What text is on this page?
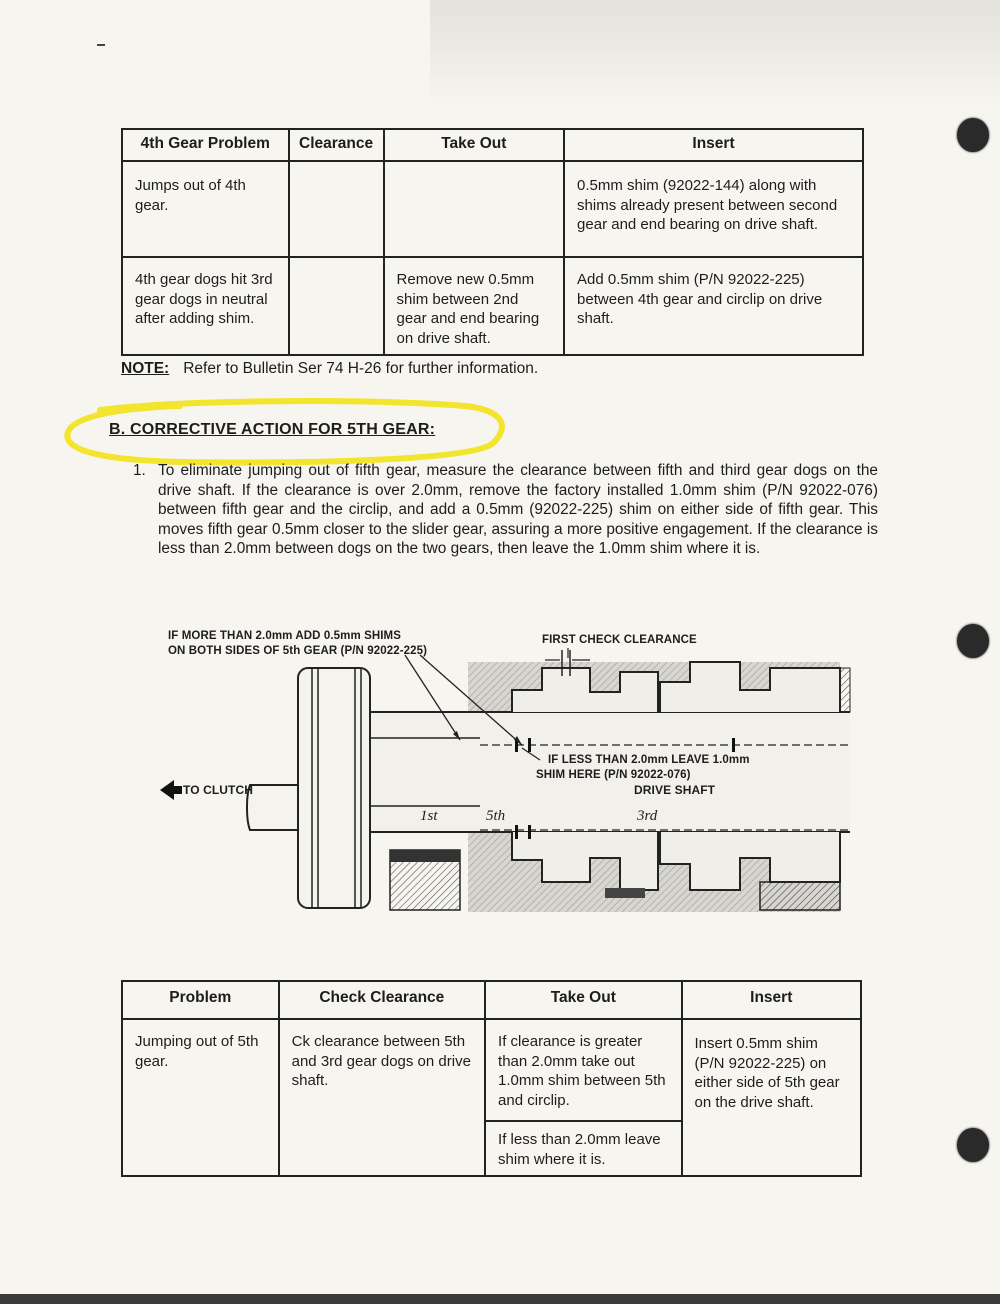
4th Gear Problem	Clearance	Take Out	Insert
Jumps out of 4th gear.			0.5mm shim (92022-144) along with shims already present between second gear and end bearing on drive shaft.
4th gear dogs hit 3rd gear dogs in neutral after adding shim.		Remove new 0.5mm shim between 2nd gear and end bearing on drive shaft.	Add 0.5mm shim (P/N 92022-225) between 4th gear and circlip on drive shaft.
NOTE: Refer to Bulletin Ser 74 H-26 for further information.
B. CORRECTIVE ACTION FOR 5TH GEAR:
1. To eliminate jumping out of fifth gear, measure the clearance between fifth and third gear dogs on the drive shaft. If the clearance is over 2.0mm, remove the factory installed 1.0mm shim (P/N 92022-076) between fifth gear and the circlip, and add a 0.5mm (92022-225) shim on either side of fifth gear. This moves fifth gear 0.5mm closer to the slider gear, assuring a more positive engagement. If the clearance is less than 2.0mm between dogs on the two gears, then leave the 1.0mm shim where it is.
IF MORE THAN 2.0mm ADD 0.5mm SHIMS
ON BOTH SIDES OF 5th GEAR (P/N 92022-225)
FIRST CHECK CLEARANCE
IF LESS THAN 2.0mm LEAVE 1.0mm
SHIM HERE (P/N 92022-076)
DRIVE SHAFT
TO CLUTCH
1st	5th	3rd
Problem	Check Clearance	Take Out	Insert
Jumping out of 5th gear.	Ck clearance between 5th and 3rd gear dogs on drive shaft.	If clearance is greater than 2.0mm take out 1.0mm shim between 5th and circlip.	Insert 0.5mm shim (P/N 92022-225) on either side of 5th gear on the drive shaft.
		If less than 2.0mm leave shim where it is.	
